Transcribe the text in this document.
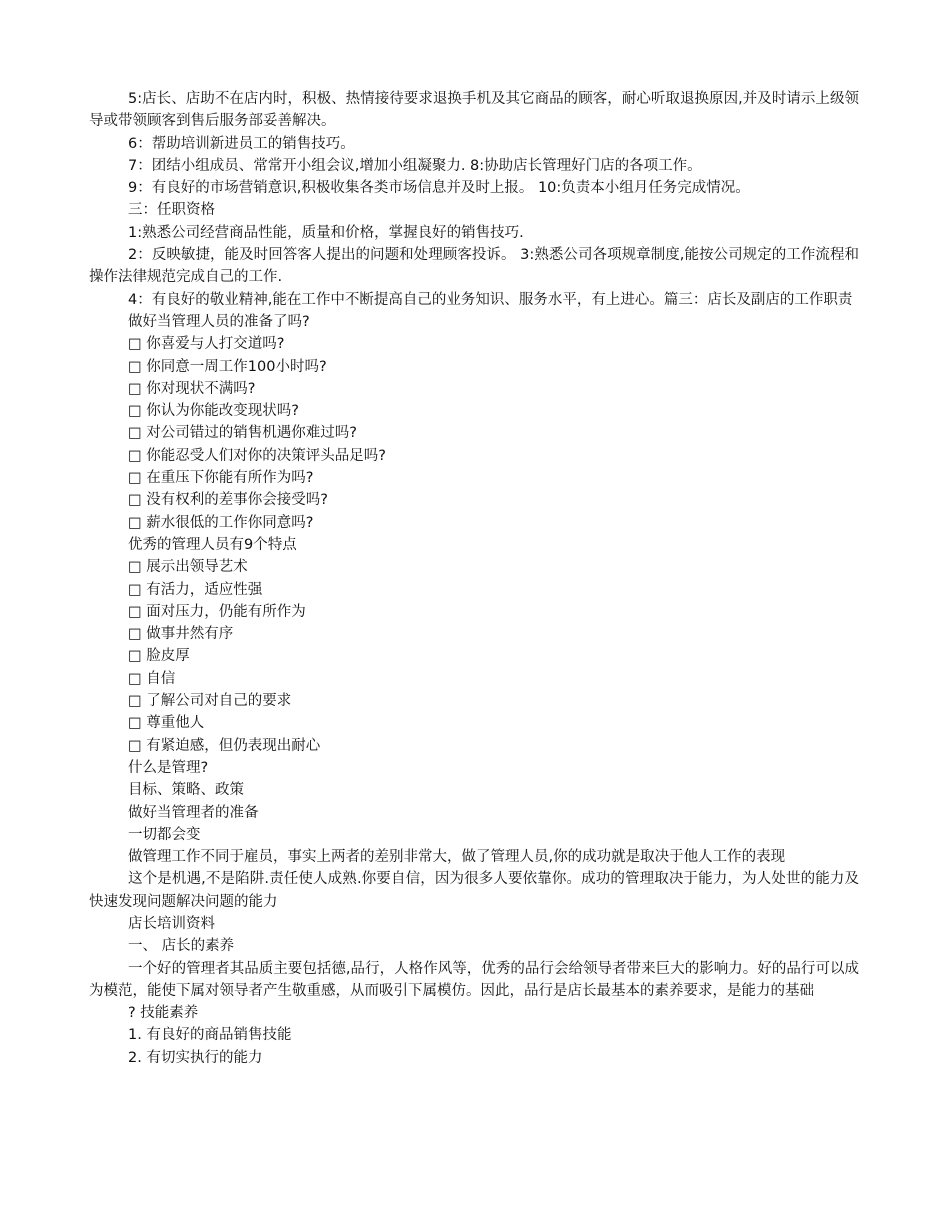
5:店长、店助不在店内时，积极、热情接待要求退换手机及其它商品的顾客，耐心听取退换原因,并及时请示上级领导或带领顾客到售后服务部妥善解决。

6：帮助培训新进员工的销售技巧。

7：团结小组成员、常常开小组会议,增加小组凝聚力. 8:协助店长管理好门店的各项工作。

9：有良好的市场营销意识,积极收集各类市场信息并及时上报。 10:负责本小组月任务完成情况。

三：任职资格

1:熟悉公司经营商品性能，质量和价格，掌握良好的销售技巧.

2：反映敏捷，能及时回答客人提出的问题和处理顾客投诉。 3:熟悉公司各项规章制度,能按公司规定的工作流程和操作法律规范完成自己的工作.

4：有良好的敬业精神,能在工作中不断提高自己的业务知识、服务水平，有上进心。篇三：店长及副店的工作职责

做好当管理人员的准备了吗?

□ 你喜爱与人打交道吗?

□ 你同意一周工作100小时吗?

□ 你对现状不满吗?

□ 你认为你能改变现状吗?

□ 对公司错过的销售机遇你难过吗?

□ 你能忍受人们对你的决策评头品足吗?

□ 在重压下你能有所作为吗?

□ 没有权利的差事你会接受吗?

□ 薪水很低的工作你同意吗?

优秀的管理人员有9个特点

□ 展示出领导艺术

□ 有活力，适应性强

□ 面对压力，仍能有所作为

□ 做事井然有序

□ 脸皮厚

□ 自信

□ 了解公司对自己的要求

□ 尊重他人

□ 有紧迫感，但仍表现出耐心

什么是管理?

目标、策略、政策

做好当管理者的准备

一切都会变

做管理工作不同于雇员，事实上两者的差别非常大，做了管理人员,你的成功就是取决于他人工作的表现

这个是机遇,不是陷阱.责任使人成熟.你要自信，因为很多人要依靠你。成功的管理取决于能力，为人处世的能力及快速发现问题解决问题的能力

店长培训资料

一、 店长的素养

一个好的管理者其品质主要包括德,品行，人格作风等，优秀的品行会给领导者带来巨大的影响力。好的品行可以成为模范，能使下属对领导者产生敬重感，从而吸引下属模仿。因此，品行是店长最基本的素养要求，是能力的基础

? 技能素养

1. 有良好的商品销售技能

2. 有切实执行的能力
